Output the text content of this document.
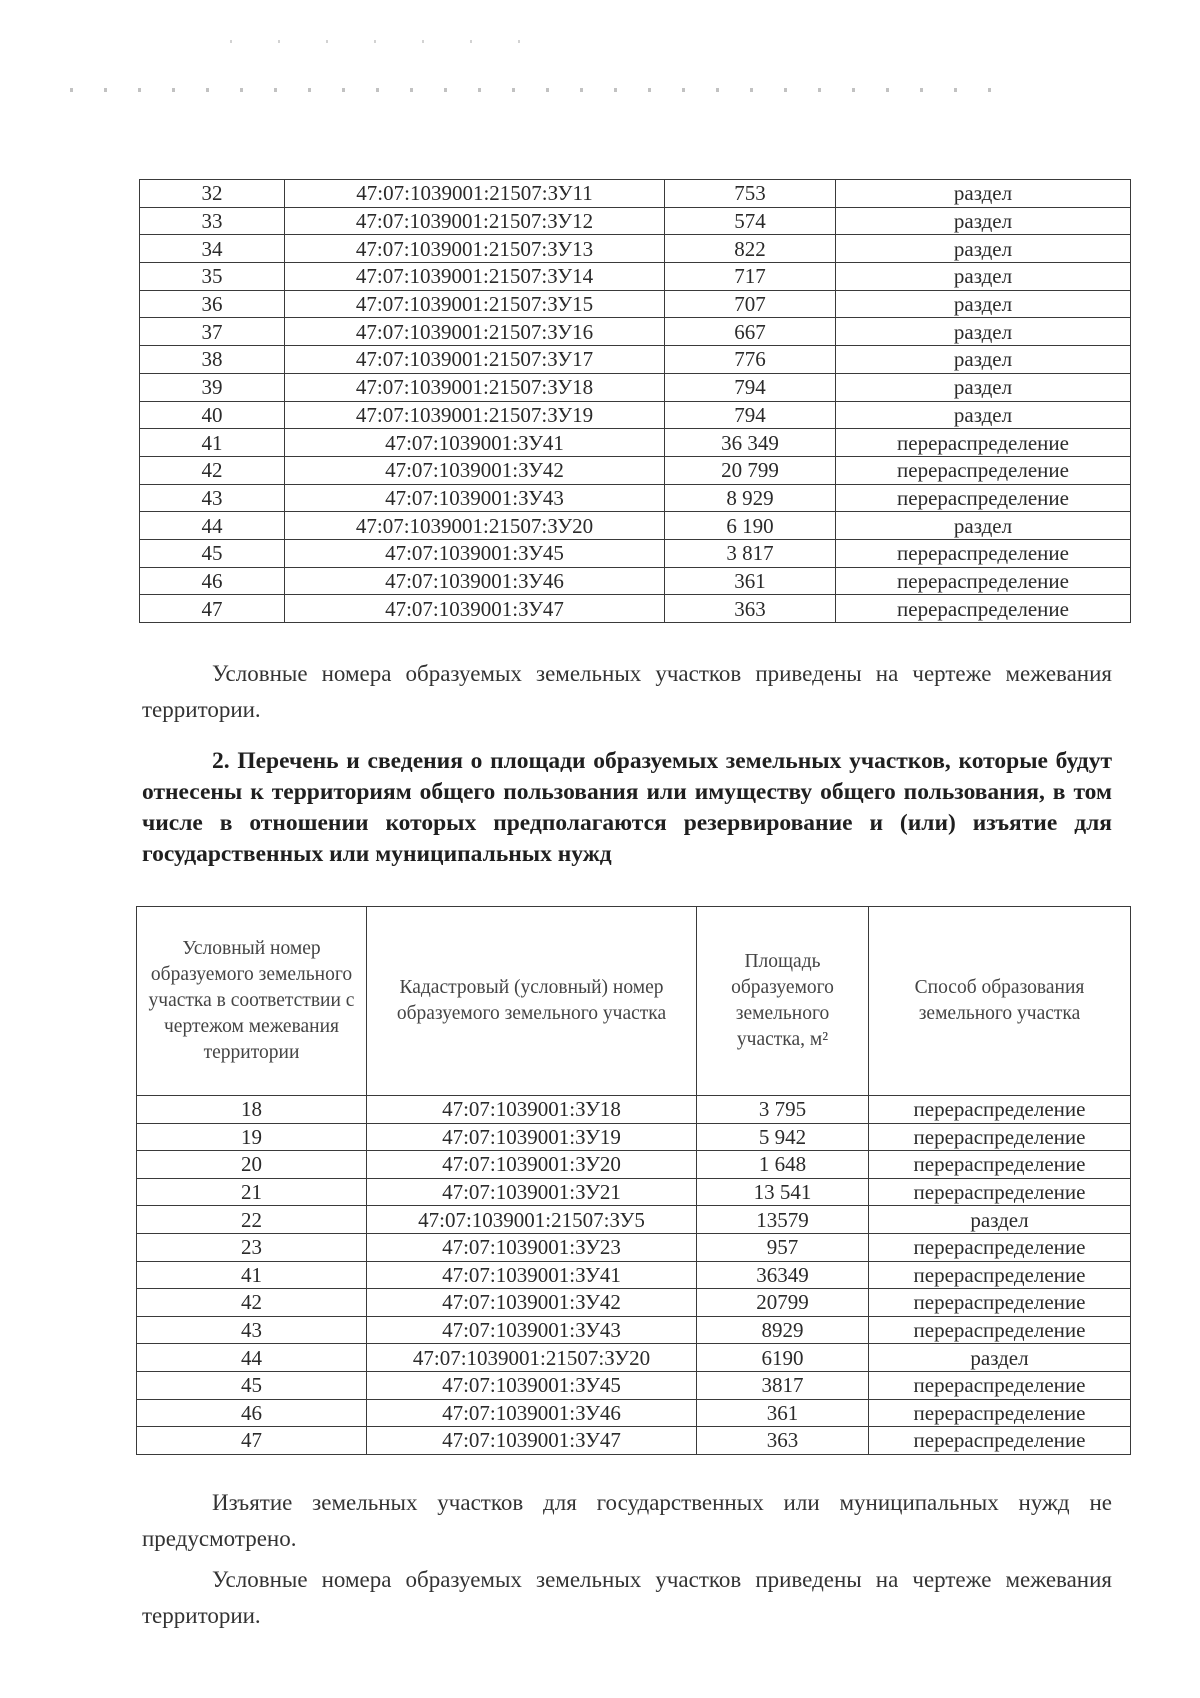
32	47:07:1039001:21507:ЗУ11	753	раздел
33	47:07:1039001:21507:ЗУ12	574	раздел
34	47:07:1039001:21507:ЗУ13	822	раздел
35	47:07:1039001:21507:ЗУ14	717	раздел
36	47:07:1039001:21507:ЗУ15	707	раздел
37	47:07:1039001:21507:ЗУ16	667	раздел
38	47:07:1039001:21507:ЗУ17	776	раздел
39	47:07:1039001:21507:ЗУ18	794	раздел
40	47:07:1039001:21507:ЗУ19	794	раздел
41	47:07:1039001:ЗУ41	36 349	перераспределение
42	47:07:1039001:ЗУ42	20 799	перераспределение
43	47:07:1039001:ЗУ43	8 929	перераспределение
44	47:07:1039001:21507:ЗУ20	6 190	раздел
45	47:07:1039001:ЗУ45	3 817	перераспределение
46	47:07:1039001:ЗУ46	361	перераспределение
47	47:07:1039001:ЗУ47	363	перераспределение

Условные номера образуемых земельных участков приведены на чертеже межевания территории.

2. Перечень и сведения о площади образуемых земельных участков, которые будут отнесены к территориям общего пользования или имуществу общего пользования, в том числе в отношении которых предполагаются резервирование и (или) изъятие для государственных или муниципальных нужд

Условный номер образуемого земельного участка в соответствии с чертежом межевания территории	Кадастровый (условный) номер образуемого земельного участка	Площадь образуемого земельного участка, м²	Способ образования земельного участка
18	47:07:1039001:ЗУ18	3 795	перераспределение
19	47:07:1039001:ЗУ19	5 942	перераспределение
20	47:07:1039001:ЗУ20	1 648	перераспределение
21	47:07:1039001:ЗУ21	13 541	перераспределение
22	47:07:1039001:21507:ЗУ5	13579	раздел
23	47:07:1039001:ЗУ23	957	перераспределение
41	47:07:1039001:ЗУ41	36349	перераспределение
42	47:07:1039001:ЗУ42	20799	перераспределение
43	47:07:1039001:ЗУ43	8929	перераспределение
44	47:07:1039001:21507:ЗУ20	6190	раздел
45	47:07:1039001:ЗУ45	3817	перераспределение
46	47:07:1039001:ЗУ46	361	перераспределение
47	47:07:1039001:ЗУ47	363	перераспределение

Изъятие земельных участков для государственных или муниципальных нужд не предусмотрено.

Условные номера образуемых земельных участков приведены на чертеже межевания территории.
